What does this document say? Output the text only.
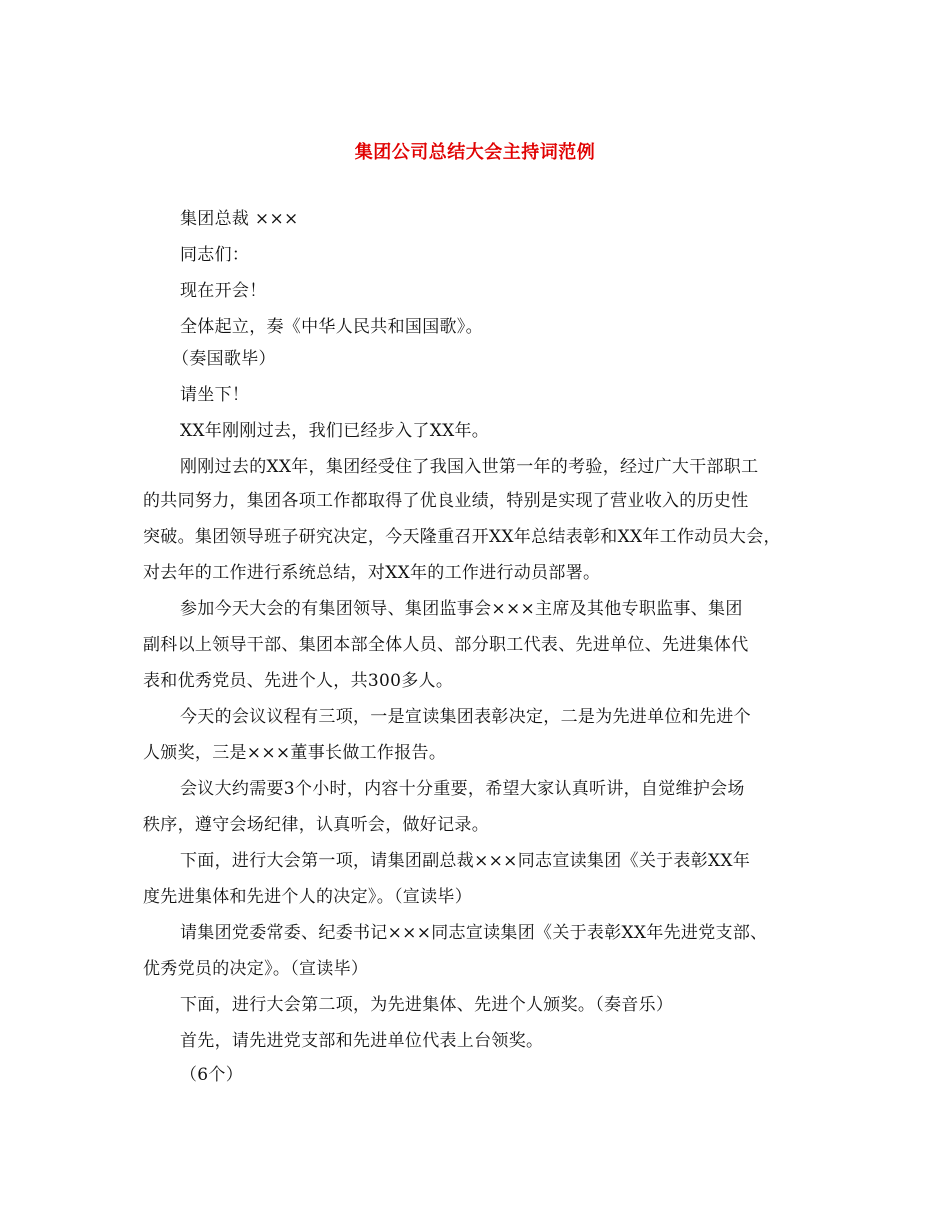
集团公司总结大会主持词范例
集团总裁 ×××
同志们：
现在开会！
全体起立，奏《中华人民共和国国歌》。
（奏国歌毕）
请坐下！
XX年刚刚过去，我们已经步入了XX年。
刚刚过去的XX年，集团经受住了我国入世第一年的考验，经过广大干部职工
的共同努力，集团各项工作都取得了优良业绩，特别是实现了营业收入的历史性
突破。集团领导班子研究决定，今天隆重召开XX年总结表彰和XX年工作动员大会，
对去年的工作进行系统总结，对XX年的工作进行动员部署。
参加今天大会的有集团领导、集团监事会×××主席及其他专职监事、集团
副科以上领导干部、集团本部全体人员、部分职工代表、先进单位、先进集体代
表和优秀党员、先进个人，共300多人。
今天的会议议程有三项，一是宣读集团表彰决定，二是为先进单位和先进个
人颁奖，三是×××董事长做工作报告。
会议大约需要3个小时，内容十分重要，希望大家认真听讲，自觉维护会场
秩序，遵守会场纪律，认真听会，做好记录。
下面，进行大会第一项，请集团副总裁×××同志宣读集团《关于表彰XX年
度先进集体和先进个人的决定》。（宣读毕）
请集团党委常委、纪委书记×××同志宣读集团《关于表彰XX年先进党支部、
优秀党员的决定》。（宣读毕）
下面，进行大会第二项，为先进集体、先进个人颁奖。（奏音乐）
首先，请先进党支部和先进单位代表上台领奖。
（6个）
